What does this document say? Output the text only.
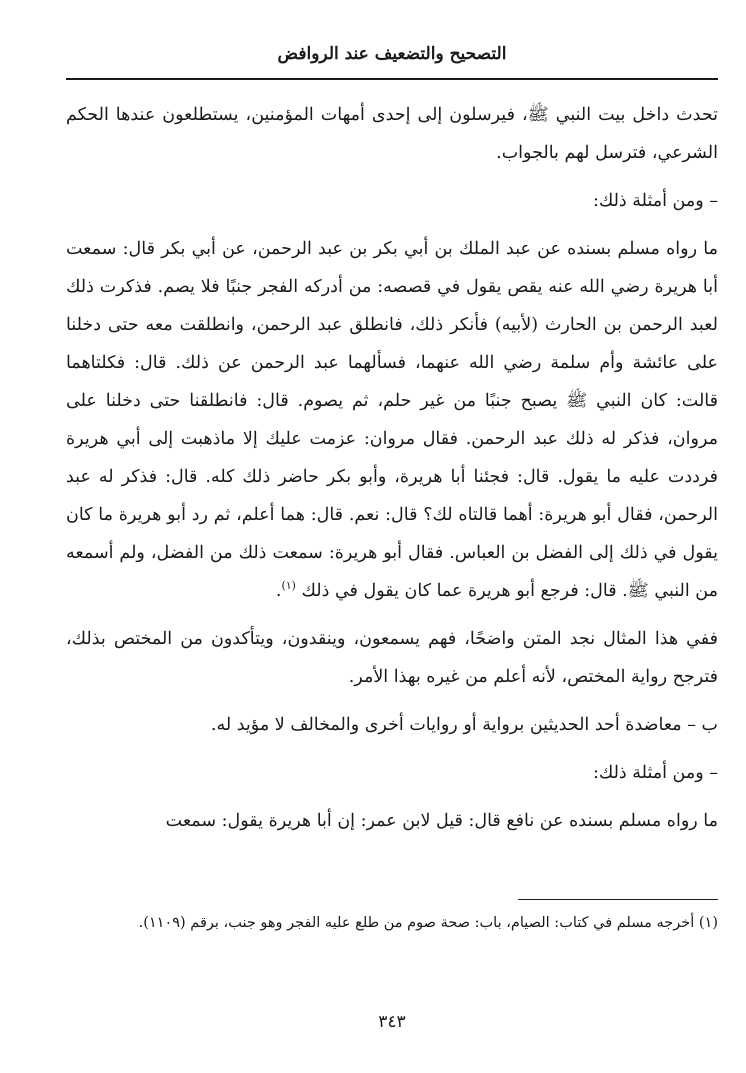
التصحيح والتضعيف عند الروافض

تحدث داخل بيت النبي ﷺ، فيرسلون إلى إحدى أمهات المؤمنين، يستطلعون عندها الحكم الشرعي، فترسل لهم بالجواب.

– ومن أمثلة ذلك:

ما رواه مسلم بسنده عن عبد الملك بن أبي بكر بن عبد الرحمن، عن أبي بكر قال: سمعت أبا هريرة رضي الله عنه يقص يقول في قصصه: من أدركه الفجر جنبًا فلا يصم. فذكرت ذلك لعبد الرحمن بن الحارث (لأبيه) فأنكر ذلك، فانطلق عبد الرحمن، وانطلقت معه حتى دخلنا على عائشة وأم سلمة رضي الله عنهما، فسألهما عبد الرحمن عن ذلك. قال: فكلتاهما قالت: كان النبي ﷺ يصبح جنبًا من غير حلم، ثم يصوم. قال: فانطلقنا حتى دخلنا على مروان، فذكر له ذلك عبد الرحمن. فقال مروان: عزمت عليك إلا ماذهبت إلى أبي هريرة فرددت عليه ما يقول. قال: فجئنا أبا هريرة، وأبو بكر حاضر ذلك كله. قال: فذكر له عبد الرحمن، فقال أبو هريرة: أهما قالتاه لك؟ قال: نعم. قال: هما أعلم، ثم رد أبو هريرة ما كان يقول في ذلك إلى الفضل بن العباس. فقال أبو هريرة: سمعت ذلك من الفضل، ولم أسمعه من النبي ﷺ. قال: فرجع أبو هريرة عما كان يقول في ذلك $^{(١)}$.

ففي هذا المثال نجد المتن واضحًا، فهم يسمعون، وينقدون، ويتأكدون من المختص بذلك، فترجح رواية المختص، لأنه أعلم من غيره بهذا الأمر.

ب – معاضدة أحد الحديثين برواية أو روايات أخرى والمخالف لا مؤيد له.

– ومن أمثلة ذلك:

ما رواه مسلم بسنده عن نافع قال: قيل لابن عمر: إن أبا هريرة يقول: سمعت

(١) أخرجه مسلم في كتاب: الصيام، باب: صحة صوم من طلع عليه الفجر وهو جنب، برقم (١١٠٩).

٣٤٣
